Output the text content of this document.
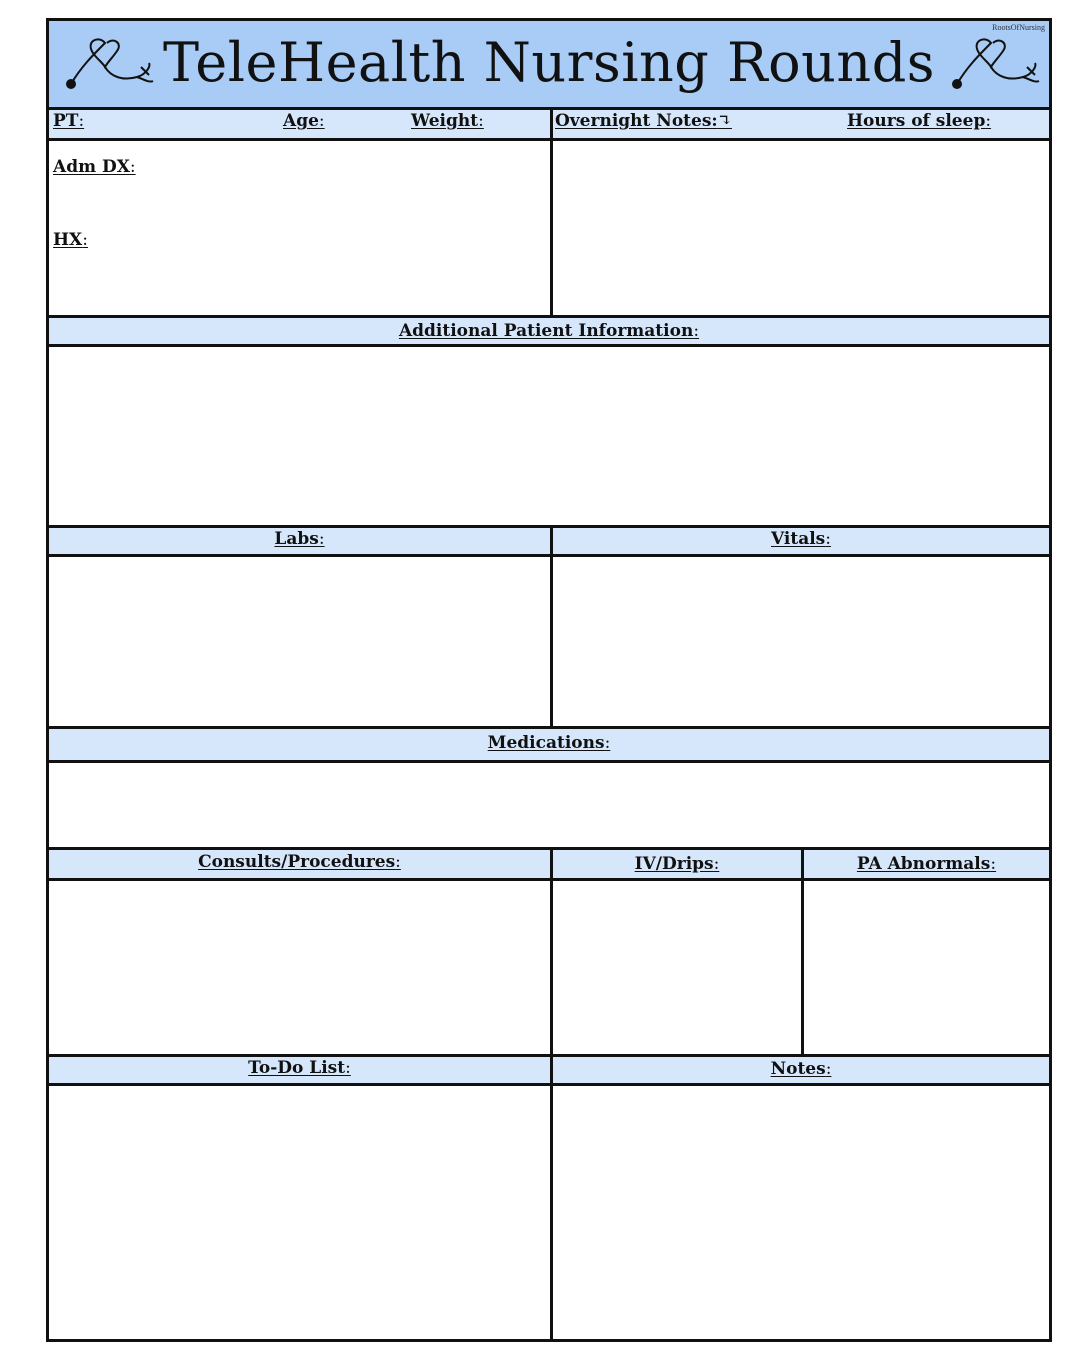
RootsOfNursing
TeleHealth Nursing Rounds
PT:	Age:	Weight:	Overnight Notes:↴	Hours of sleep:
Adm DX:
HX:
Additional Patient Information:
Labs:	Vitals:
Medications:
Consults/Procedures:	IV/Drips:	PA Abnormals:
To-Do List:	Notes:
